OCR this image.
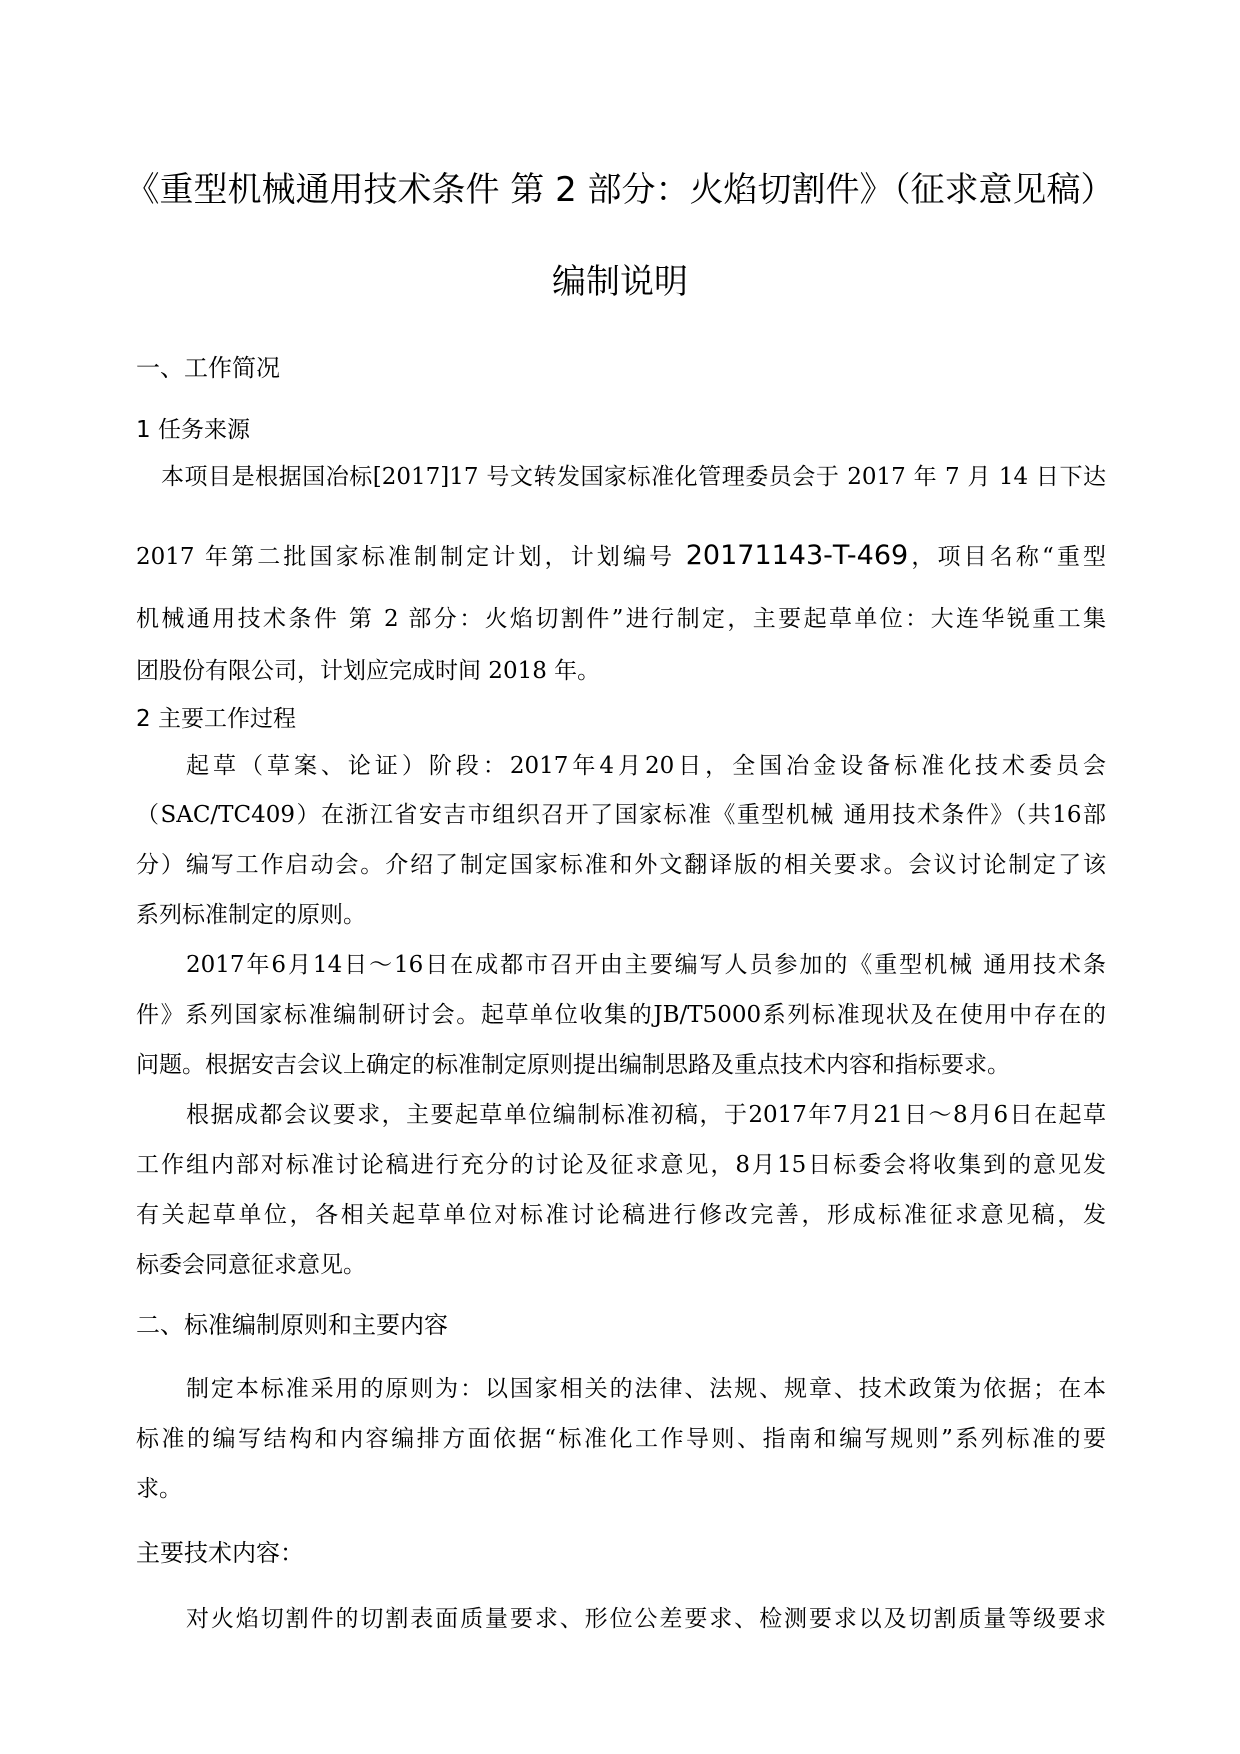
《重型机械通用技术条件 第 2 部分：火焰切割件》（征求意见稿）
编制说明
一、工作简况
1 任务来源
本项目是根据国冶标[2017]17 号文转发国家标准化管理委员会于 2017 年 7 月 14 日下达
2017 年第二批国家标准制制定计划，计划编号 20171143-T-469，项目名称“重型
机械通用技术条件 第 2 部分：火焰切割件”进行制定，主要起草单位：大连华锐重工集
团股份有限公司，计划应完成时间 2018 年。
2 主要工作过程
起草（草案、论证）阶段：2017年4月20日，全国冶金设备标准化技术委员会
（SAC/TC409）在浙江省安吉市组织召开了国家标准《重型机械 通用技术条件》（共16部
分）编写工作启动会。介绍了制定国家标准和外文翻译版的相关要求。会议讨论制定了该
系列标准制定的原则。
2017年6月14日～16日在成都市召开由主要编写人员参加的《重型机械 通用技术条
件》系列国家标准编制研讨会。起草单位收集的JB/T5000系列标准现状及在使用中存在的
问题。根据安吉会议上确定的标准制定原则提出编制思路及重点技术内容和指标要求。
根据成都会议要求，主要起草单位编制标准初稿，于2017年7月21日～8月6日在起草
工作组内部对标准讨论稿进行充分的讨论及征求意见，8月15日标委会将收集到的意见发
有关起草单位，各相关起草单位对标准讨论稿进行修改完善，形成标准征求意见稿，发
标委会同意征求意见。
二、标准编制原则和主要内容
制定本标准采用的原则为：以国家相关的法律、法规、规章、技术政策为依据；在本
标准的编写结构和内容编排方面依据“标准化工作导则、指南和编写规则”系列标准的要
求。
主要技术内容：
对火焰切割件的切割表面质量要求、形位公差要求、检测要求以及切割质量等级要求
